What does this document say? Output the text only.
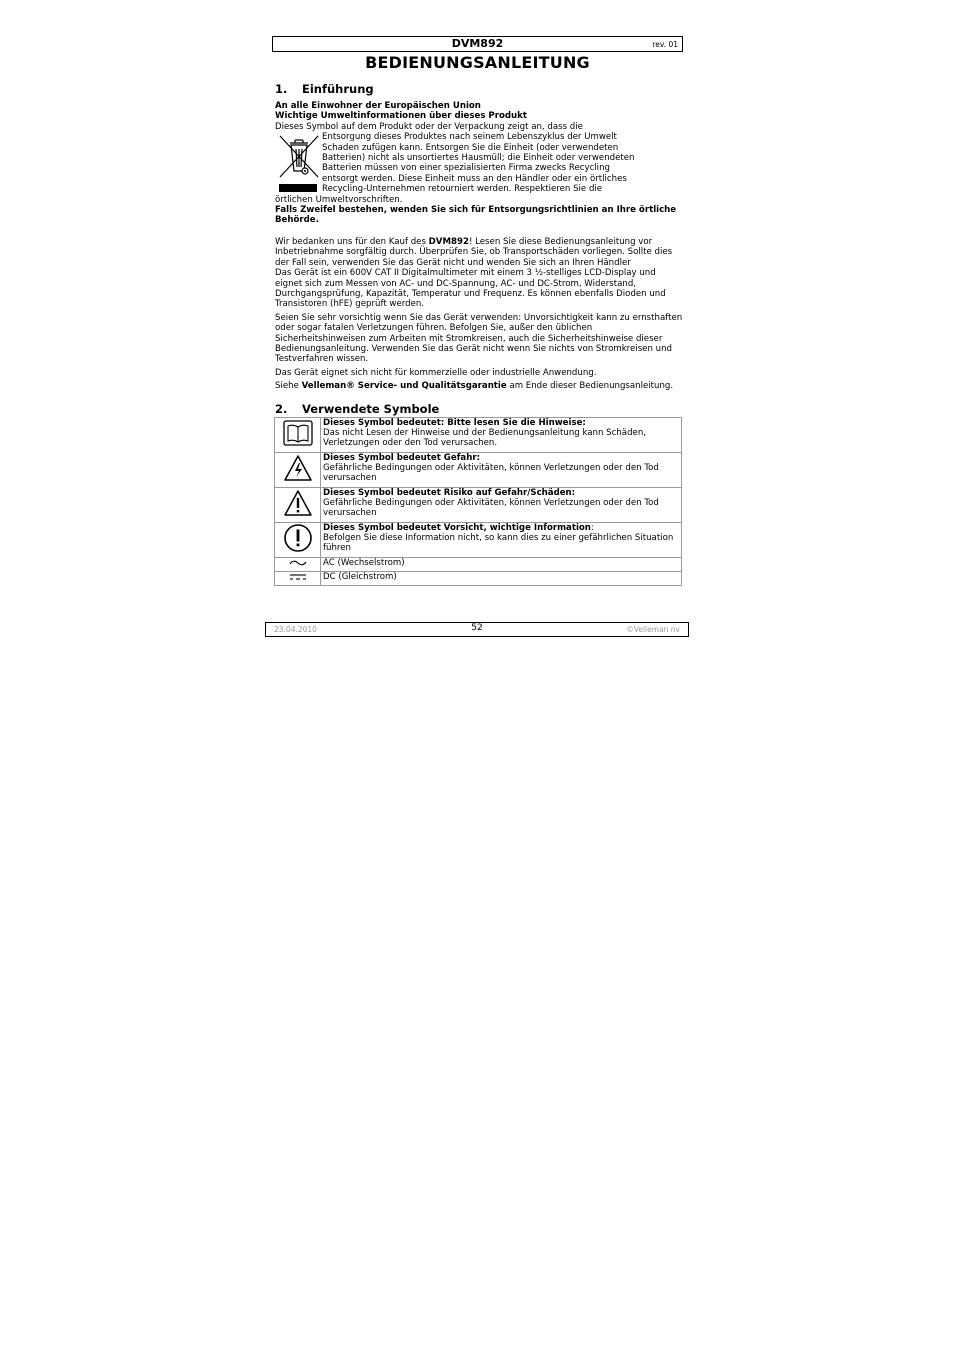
DVM892	rev. 01
BEDIENUNGSANLEITUNG
1. Einführung
An alle Einwohner der Europäischen Union
Wichtige Umweltinformationen über dieses Produkt
Dieses Symbol auf dem Produkt oder der Verpackung zeigt an, dass die
Entsorgung dieses Produktes nach seinem Lebenszyklus der Umwelt
Schaden zufügen kann. Entsorgen Sie die Einheit (oder verwendeten
Batterien) nicht als unsortiertes Hausmüll; die Einheit oder verwendeten
Batterien müssen von einer spezialisierten Firma zwecks Recycling
entsorgt werden. Diese Einheit muss an den Händler oder ein örtliches
Recycling-Unternehmen retourniert werden. Respektieren Sie die
örtlichen Umweltvorschriften.
Falls Zweifel bestehen, wenden Sie sich für Entsorgungsrichtlinien an Ihre örtliche Behörde.
Wir bedanken uns für den Kauf des DVM892! Lesen Sie diese Bedienungsanleitung vor Inbetriebnahme sorgfältig durch. Überprüfen Sie, ob Transportschäden vorliegen. Sollte dies der Fall sein, verwenden Sie das Gerät nicht und wenden Sie sich an Ihren Händler
Das Gerät ist ein 600V CAT II Digitalmultimeter mit einem 3 ½-stelliges LCD-Display und eignet sich zum Messen von AC- und DC-Spannung, AC- und DC-Strom, Widerstand, Durchgangsprüfung, Kapazität, Temperatur und Frequenz. Es können ebenfalls Dioden und Transistoren (hFE) geprüft werden.
Seien Sie sehr vorsichtig wenn Sie das Gerät verwenden: Unvorsichtigkeit kann zu ernsthaften oder sogar fatalen Verletzungen führen. Befolgen Sie, außer den üblichen Sicherheitshinweisen zum Arbeiten mit Stromkreisen, auch die Sicherheitshinweise dieser Bedienungsanleitung. Verwenden Sie das Gerät nicht wenn Sie nichts von Stromkreisen und Testverfahren wissen.
Das Gerät eignet sich nicht für kommerzielle oder industrielle Anwendung.
Siehe Velleman® Service- und Qualitätsgarantie am Ende dieser Bedienungsanleitung.
2. Verwendete Symbole

Dieses Symbol bedeutet: Bitte lesen Sie die Hinweise:
Das nicht Lesen der Hinweise und der Bedienungsanleitung kann Schäden, Verletzungen oder den Tod verursachen.

Dieses Symbol bedeutet Gefahr:
Gefährliche Bedingungen oder Aktivitäten, können Verletzungen oder den Tod verursachen

Dieses Symbol bedeutet Risiko auf Gefahr/Schäden:
Gefährliche Bedingungen oder Aktivitäten, können Verletzungen oder den Tod verursachen

Dieses Symbol bedeutet Vorsicht, wichtige Information:
Befolgen Sie diese Information nicht, so kann dies zu einer gefährlichen Situation führen

	AC (Wechselstrom)
	DC (Gleichstrom)
23.04.2010	52	©Velleman nv
